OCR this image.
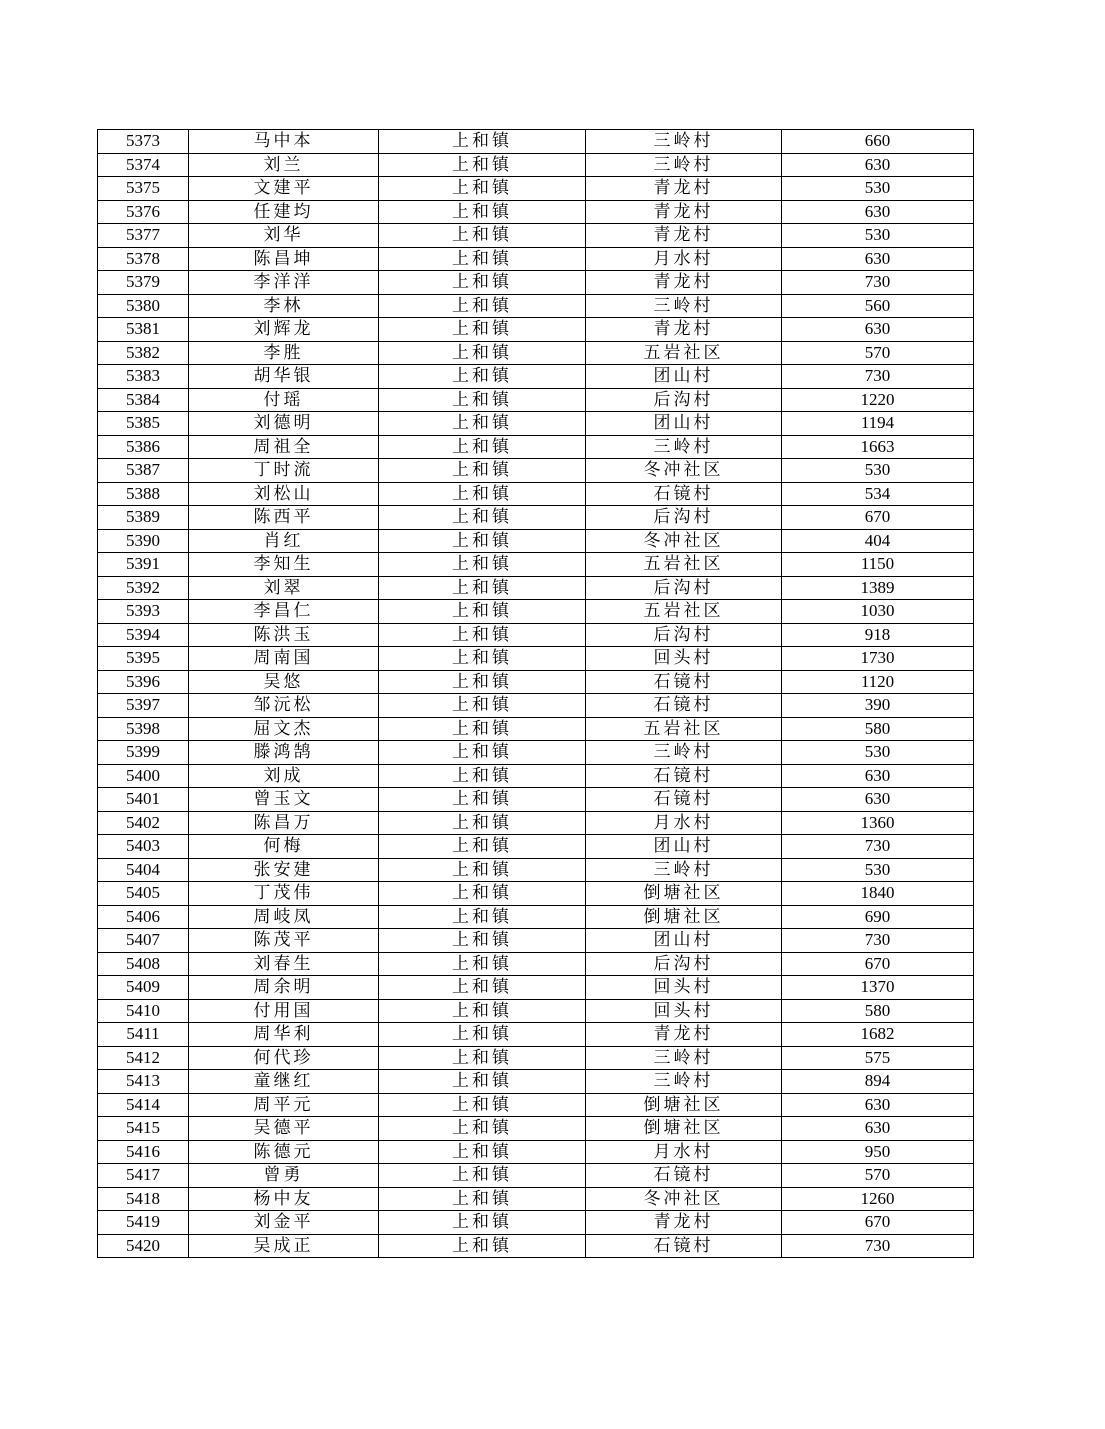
5373	马中本	上和镇	三岭村	660
5374	刘兰	上和镇	三岭村	630
5375	文建平	上和镇	青龙村	530
5376	任建均	上和镇	青龙村	630
5377	刘华	上和镇	青龙村	530
5378	陈昌坤	上和镇	月水村	630
5379	李洋洋	上和镇	青龙村	730
5380	李林	上和镇	三岭村	560
5381	刘辉龙	上和镇	青龙村	630
5382	李胜	上和镇	五岩社区	570
5383	胡华银	上和镇	团山村	730
5384	付瑶	上和镇	后沟村	1220
5385	刘德明	上和镇	团山村	1194
5386	周祖全	上和镇	三岭村	1663
5387	丁时流	上和镇	冬冲社区	530
5388	刘松山	上和镇	石镜村	534
5389	陈西平	上和镇	后沟村	670
5390	肖红	上和镇	冬冲社区	404
5391	李知生	上和镇	五岩社区	1150
5392	刘翠	上和镇	后沟村	1389
5393	李昌仁	上和镇	五岩社区	1030
5394	陈洪玉	上和镇	后沟村	918
5395	周南国	上和镇	回头村	1730
5396	吴悠	上和镇	石镜村	1120
5397	邹沅松	上和镇	石镜村	390
5398	屈文杰	上和镇	五岩社区	580
5399	滕鸿鹄	上和镇	三岭村	530
5400	刘成	上和镇	石镜村	630
5401	曾玉文	上和镇	石镜村	630
5402	陈昌万	上和镇	月水村	1360
5403	何梅	上和镇	团山村	730
5404	张安建	上和镇	三岭村	530
5405	丁茂伟	上和镇	倒塘社区	1840
5406	周岐凤	上和镇	倒塘社区	690
5407	陈茂平	上和镇	团山村	730
5408	刘春生	上和镇	后沟村	670
5409	周余明	上和镇	回头村	1370
5410	付用国	上和镇	回头村	580
5411	周华利	上和镇	青龙村	1682
5412	何代珍	上和镇	三岭村	575
5413	童继红	上和镇	三岭村	894
5414	周平元	上和镇	倒塘社区	630
5415	吴德平	上和镇	倒塘社区	630
5416	陈德元	上和镇	月水村	950
5417	曾勇	上和镇	石镜村	570
5418	杨中友	上和镇	冬冲社区	1260
5419	刘金平	上和镇	青龙村	670
5420	吴成正	上和镇	石镜村	730
